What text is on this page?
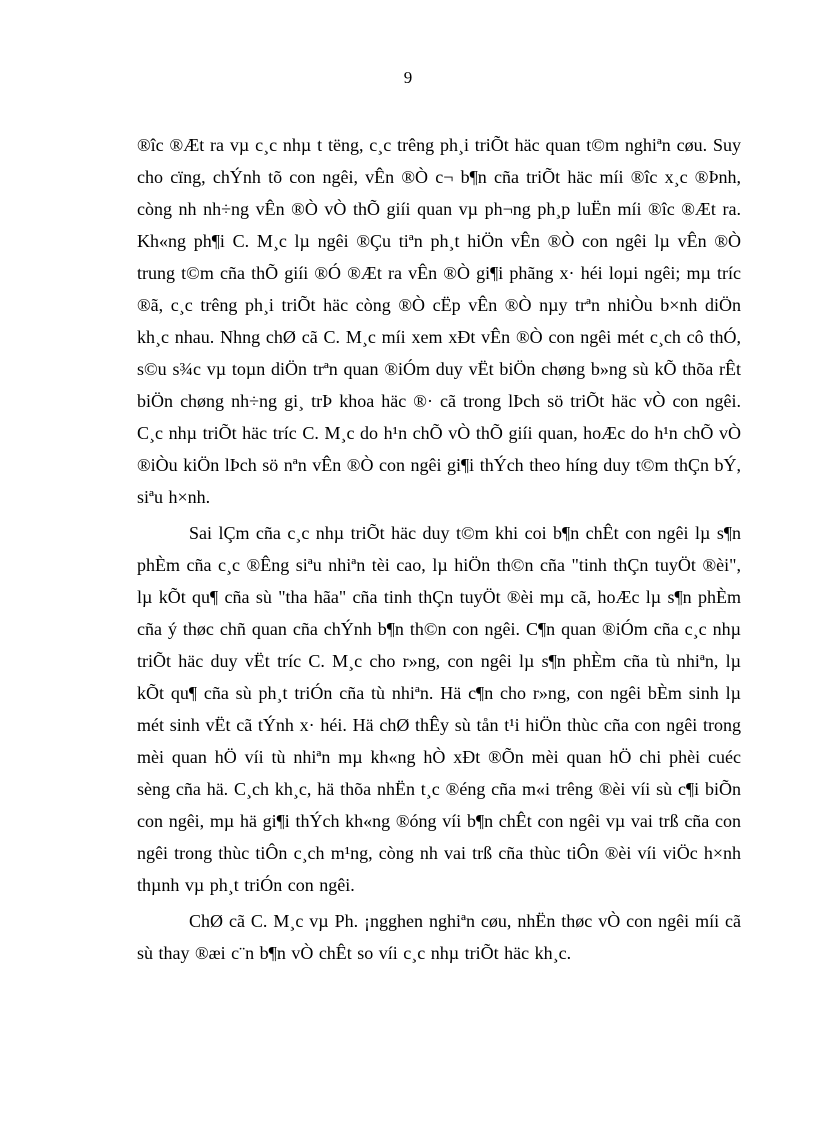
9

®îc ®Æt ra vµ c¸c nhµ t tëng, c¸c trêng ph¸i triÕt häc quan t©m nghiªn cøu. Suy cho cïng, chÝnh tõ con ngêi, vÊn ®Ò c¬ b¶n cña triÕt häc míi ®îc x¸c ®Þnh, còng nh nh÷ng vÊn ®Ò vÒ thÕ giíi quan vµ ph¬ng ph¸p luËn míi ®îc ®Æt ra. Kh«ng ph¶i C. M¸c lµ ngêi ®Çu tiªn ph¸t hiÖn vÊn ®Ò con ngêi lµ vÊn ®Ò trung t©m cña thÕ giíi ®Ó ®Æt ra vÊn ®Ò gi¶i phãng x· héi loµi ngêi; mµ tríc ®ã, c¸c trêng ph¸i triÕt häc còng ®Ò cËp vÊn ®Ò nµy trªn nhiÒu b×nh diÖn kh¸c nhau. Nhng chØ cã C. M¸c míi xem xÐt vÊn ®Ò con ngêi mét c¸ch cô thÓ, s©u s¾c vµ toµn diÖn trªn quan ®iÓm duy vËt biÖn chøng b»ng sù kÕ thõa rÊt biÖn chøng nh÷ng gi¸ trÞ khoa häc ®· cã trong lÞch sö triÕt häc vÒ con ngêi. C¸c nhµ triÕt häc tríc C. M¸c do h¹n chÕ vÒ thÕ giíi quan, hoÆc do h¹n chÕ vÒ ®iÒu kiÖn lÞch sö nªn vÊn ®Ò con ngêi gi¶i thÝch theo híng duy t©m thÇn bÝ, siªu h×nh.

Sai lÇm cña c¸c nhµ triÕt häc duy t©m khi coi b¶n chÊt con ngêi lµ s¶n phÈm cña c¸c ®Êng siªu nhiªn tèi cao, lµ hiÖn th©n cña "tinh thÇn tuyÖt ®èi", lµ kÕt qu¶ cña sù "tha hãa" cña tinh thÇn tuyÖt ®èi mµ cã, hoÆc lµ s¶n phÈm cña ý thøc chñ quan cña chÝnh b¶n th©n con ngêi. C¶n quan ®iÓm cña c¸c nhµ triÕt häc duy vËt tríc C. M¸c cho r»ng, con ngêi lµ s¶n phÈm cña tù nhiªn, lµ kÕt qu¶ cña sù ph¸t triÓn cña tù nhiªn. Hä c¶n cho r»ng, con ngêi bÈm sinh lµ mét sinh vËt cã tÝnh x· héi. Hä chØ thÊy sù tån t¹i hiÖn thùc cña con ngêi trong mèi quan hÖ víi tù nhiªn mµ kh«ng hÒ xÐt ®Õn mèi quan hÖ chi phèi cuéc sèng cña hä. C¸ch kh¸c, hä thõa nhËn t¸c ®éng cña m«i trêng ®èi víi sù c¶i biÕn con ngêi, mµ hä gi¶i thÝch kh«ng ®óng víi b¶n chÊt con ngêi vµ vai trß cña con ngêi trong thùc tiÔn c¸ch m¹ng, còng nh vai trß cña thùc tiÔn ®èi víi viÖc h×nh thµnh vµ ph¸t triÓn con ngêi.

ChØ cã C. M¸c vµ Ph. ¡ngghen nghiªn cøu, nhËn thøc vÒ con ngêi míi cã sù thay ®æi c¨n b¶n vÒ chÊt so víi c¸c nhµ triÕt häc kh¸c.
